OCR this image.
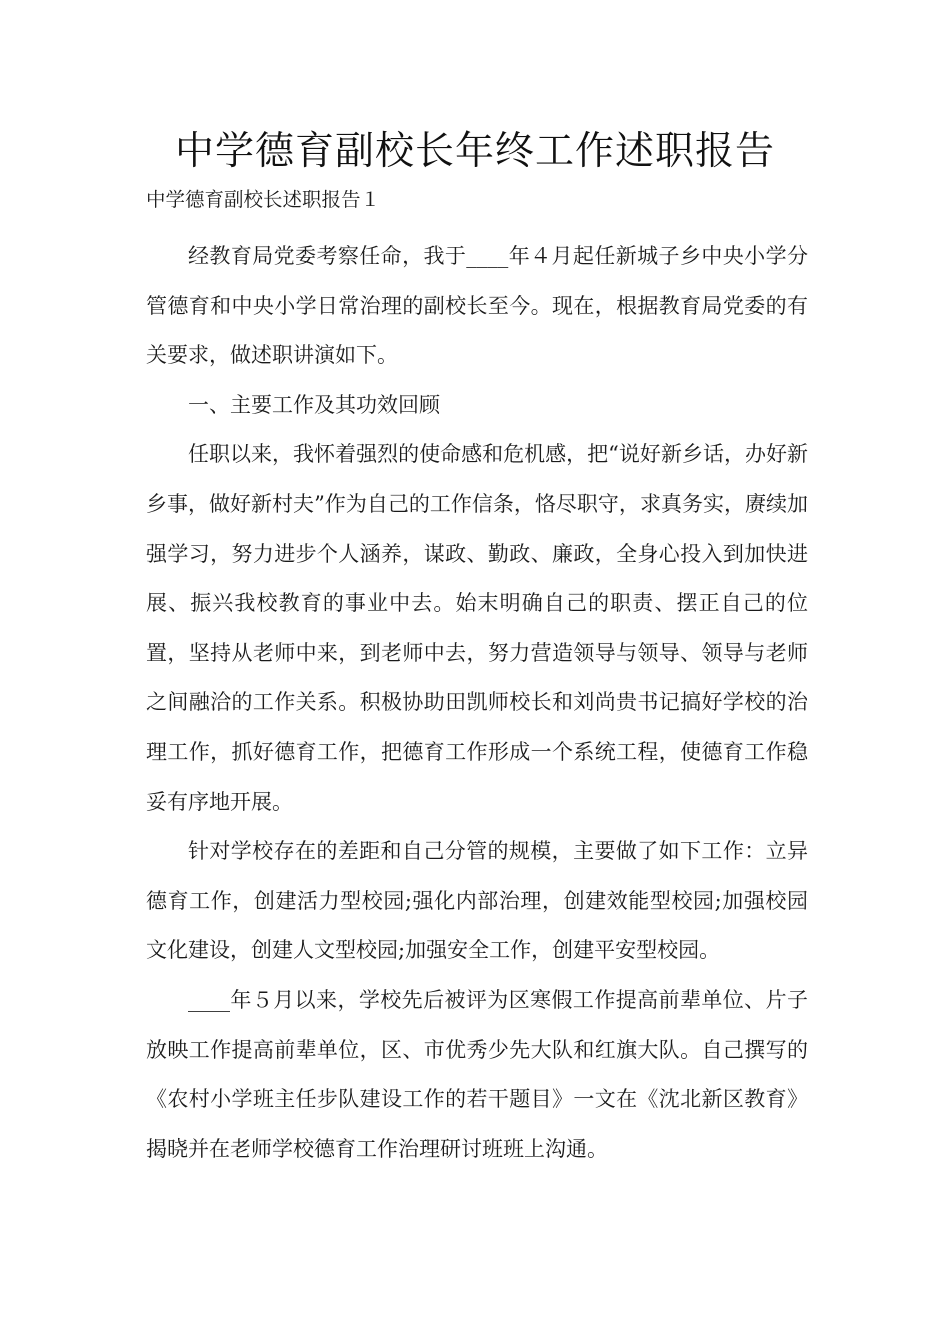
中学德育副校长年终工作述职报告

中学德育副校长述职报告１

经教育局党委考察任命，我于____年４月起任新城子乡中央小学分管德育和中央小学日常治理的副校长至今。现在，根据教育局党委的有关要求，做述职讲演如下。

一、主要工作及其功效回顾

任职以来，我怀着强烈的使命感和危机感，把“说好新乡话，办好新乡事，做好新村夫”作为自己的工作信条，恪尽职守，求真务实，赓续加强学习，努力进步个人涵养，谋政、勤政、廉政，全身心投入到加快进展、振兴我校教育的事业中去。始末明确自己的职责、摆正自己的位置，坚持从老师中来，到老师中去，努力营造领导与领导、领导与老师之间融洽的工作关系。积极协助田凯师校长和刘尚贵书记搞好学校的治理工作，抓好德育工作，把德育工作形成一个系统工程，使德育工作稳妥有序地开展。

针对学校存在的差距和自己分管的规模，主要做了如下工作：立异德育工作，创建活力型校园;强化内部治理，创建效能型校园;加强校园文化建设，创建人文型校园;加强安全工作，创建平安型校园。

____年５月以来，学校先后被评为区寒假工作提高前辈单位、片子放映工作提高前辈单位，区、市优秀少先大队和红旗大队。自己撰写的《农村小学班主任步队建设工作的若干题目》一文在《沈北新区教育》揭晓并在老师学校德育工作治理研讨班班上沟通。
